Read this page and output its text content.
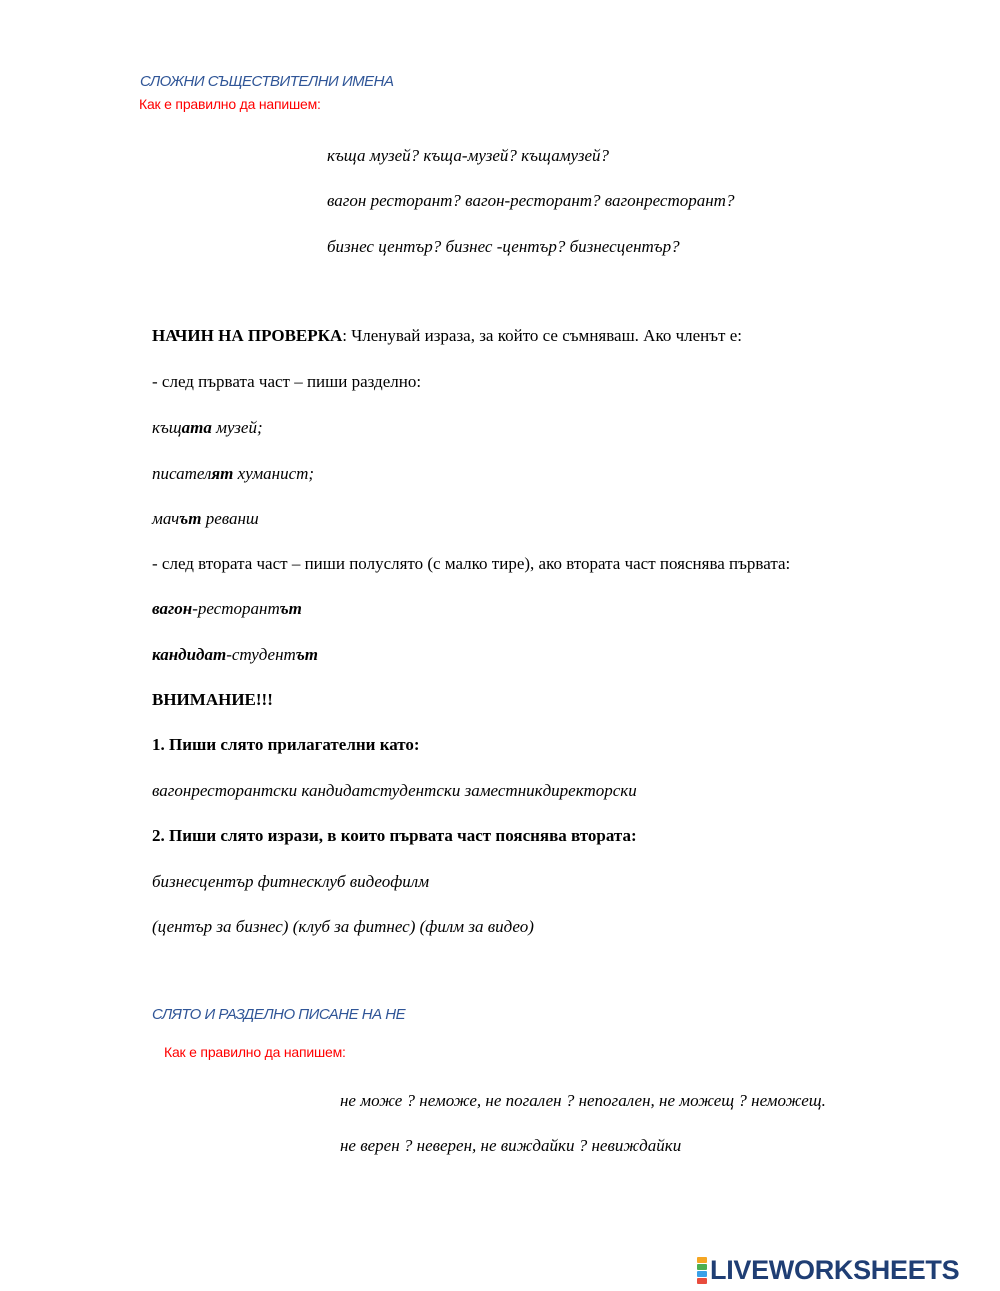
СЛОЖНИ СЪЩЕСТВИТЕЛНИ ИМЕНА
Как е правилно да напишем:
къща музей? къща-музей? къщамузей?
вагон ресторант? вагон-ресторант? вагонресторант?
бизнес център? бизнес -център? бизнесцентър?
НАЧИН НА ПРОВЕРКА: Членувай израза, за който се съмняваш. Ако членът е:
- след първата част – пиши разделно:
къщата музей;
писателят хуманист;
мачът реванш
- след втората част – пиши полуслято (с малко тире), ако втората част пояснява първата:
вагон-ресторантът
кандидат-студентът
ВНИМАНИЕ!!!
1. Пиши слято прилагателни като:
вагонресторантски кандидатстудентски заместникдиректорски
2. Пиши слято изрази, в които първата част пояснява втората:
бизнесцентър фитнесклуб видеофилм
(център за бизнес) (клуб за фитнес) (филм за видео)
СЛЯТО И РАЗДЕЛНО ПИСАНЕ НА НЕ
Как е правилно да напишем:
не може ? неможе, не погален ? непогален, не можещ ? неможещ.
не верен ? неверен, не виждайки ? невиждайки
LIVEWORKSHEETS
